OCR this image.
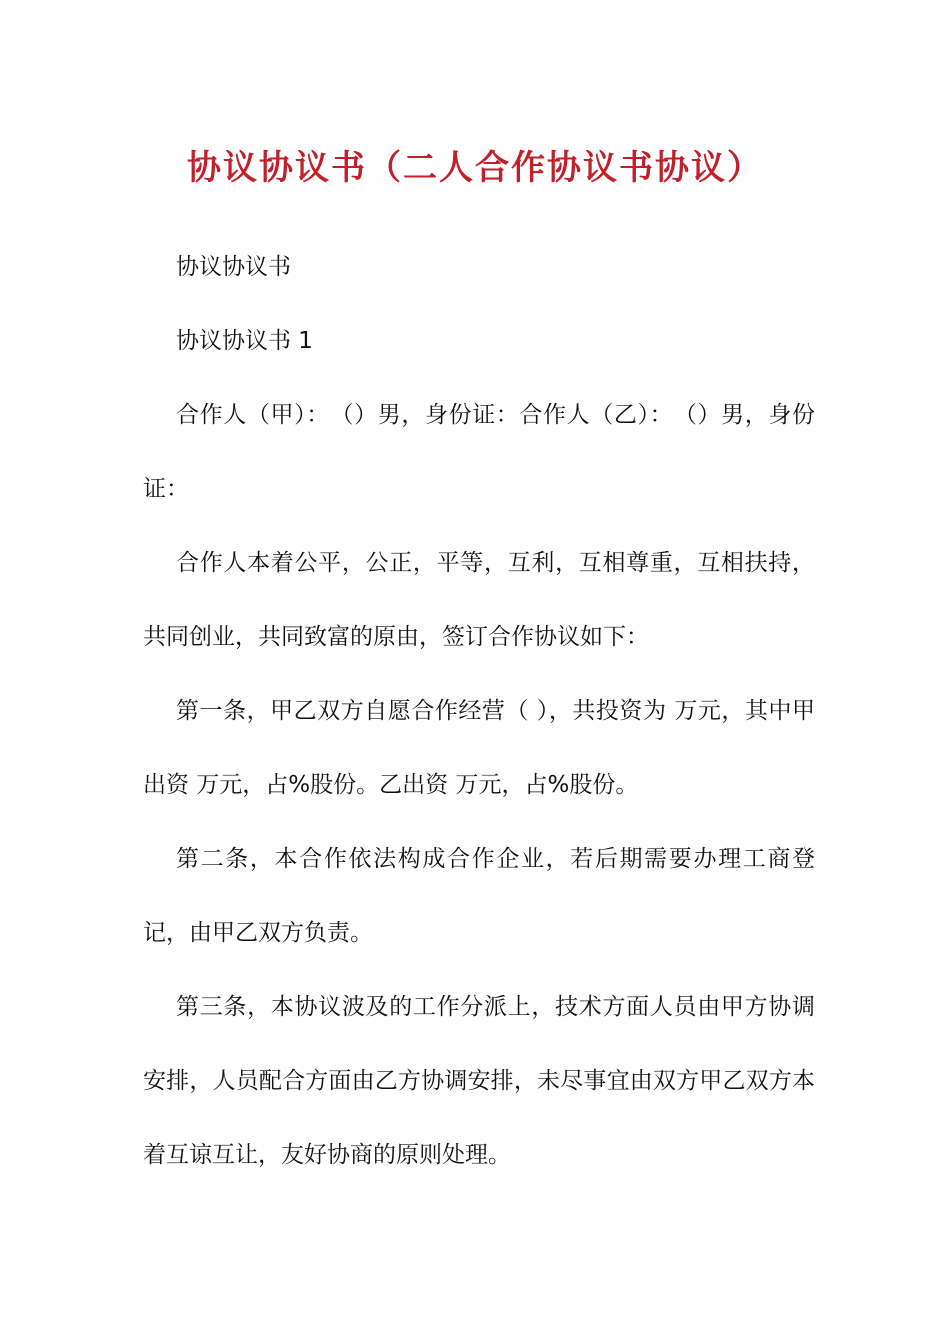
协议协议书（二人合作协议书协议）

协议协议书

协议协议书 1

合作人（甲）：　（）男，身份证：合作人（乙）：　（）男，身份证：

合作人本着公平，公正，平等，互利，互相尊重，互相扶持，共同创业，共同致富的原由，签订合作协议如下：

第一条，甲乙双方自愿合作经营（ ），共投资为 万元，其中甲出资 万元，占%股份。乙出资 万元，占%股份。

第二条，本合作依法构成合作企业，若后期需要办理工商登记，由甲乙双方负责。

第三条，本协议波及的工作分派上，技术方面人员由甲方协调安排，人员配合方面由乙方协调安排，未尽事宜由双方甲乙双方本着互谅互让，友好协商的原则处理。
